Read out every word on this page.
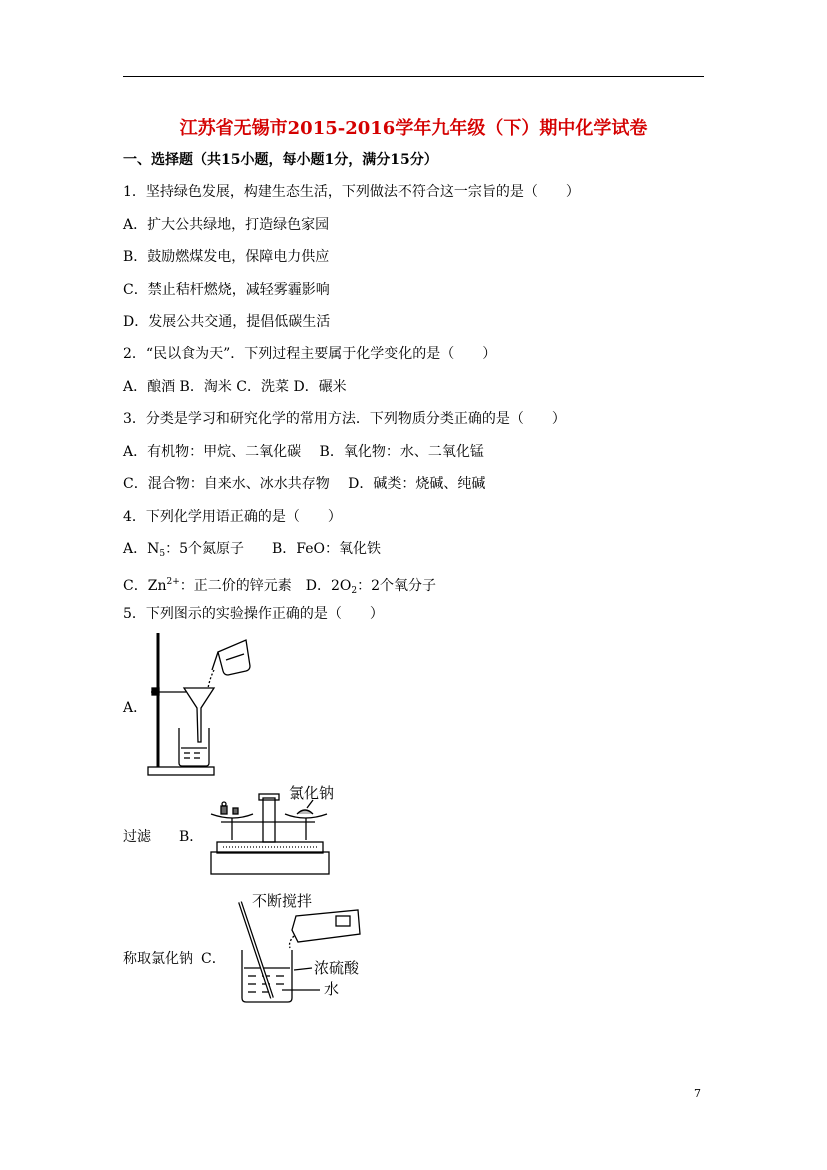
江苏省无锡市2015-2016学年九年级（下）期中化学试卷
一、选择题（共15小题，每小题1分，满分15分）
1．坚持绿色发展，构建生态生活，下列做法不符合这一宗旨的是（　　）
A．扩大公共绿地，打造绿色家园
B．鼓励燃煤发电，保障电力供应
C．禁止秸杆燃烧，减轻雾霾影响
D．发展公共交通，提倡低碳生活
2．“民以食为天”．下列过程主要属于化学变化的是（　　）
A．酿酒 B．淘米 C．洗菜 D．碾米
3．分类是学习和研究化学的常用方法．下列物质分类正确的是（　　）
A．有机物：甲烷、二氧化碳　 B．氧化物：水、二氧化锰
C．混合物：自来水、冰水共存物　 D．碱类：烧碱、纯碱
4．下列化学用语正确的是（　　）
A．$N_5$：5个氮原子　　B．FeO：氧化铁
C．$Zn^{2+}$：正二价的锌元素　D．$2O_2$：2个氧分子
5．下列图示的实验操作正确的是（　　）
A．
过滤 B．
氯化钠
称取氯化钠 C．
不断搅拌
浓硫酸
水
7
